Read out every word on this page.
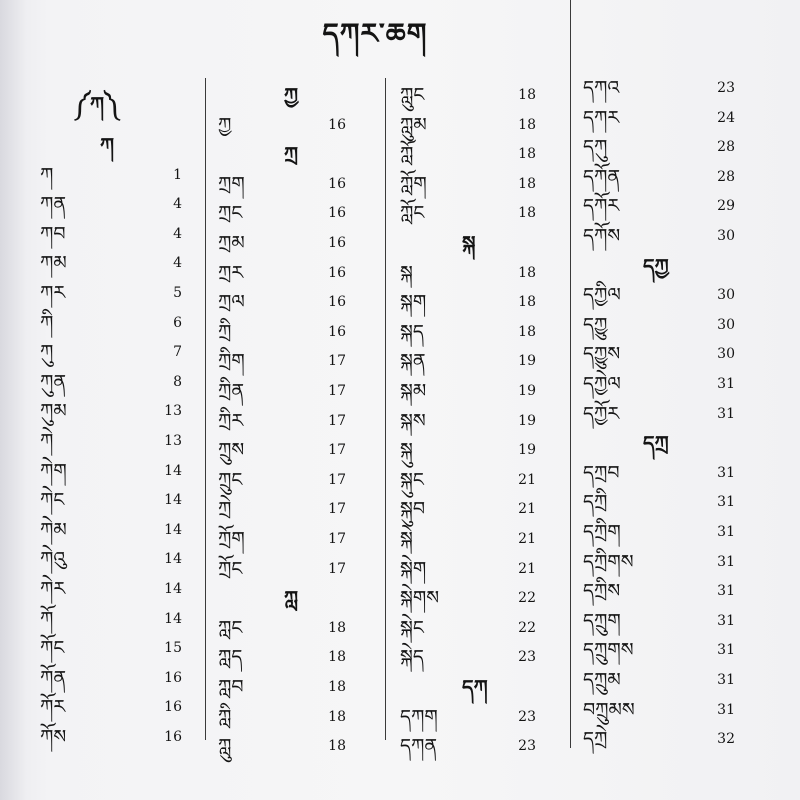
དཀར་ཆག
༼ཀ༽
ཀ
ཀ	1
ཀན	4
ཀབ	4
ཀམ	4
ཀར	5
ཀི	6
ཀུ	7
ཀུན	8
ཀུམ	13
ཀེ	13
ཀེག	14
ཀེང	14
ཀེམ	14
ཀེའུ	14
ཀེར	14
ཀོ	14
ཀོང	15
ཀོན	16
ཀོར	16
ཀོས	16
ཀྱ
ཀྱ	16
ཀྲ
ཀྲག	16
ཀྲང	16
ཀྲམ	16
ཀྲར	16
ཀྲལ	16
ཀྲི	16
ཀྲིག	17
ཀྲིན	17
ཀྲིར	17
ཀྲུས	17
ཀྲུང	17
ཀྲེ	17
ཀྲོག	17
ཀྲོང	17
ཀླ
ཀླང	18
ཀླད	18
ཀླབ	18
ཀླི	18
ཀླུ	18
ཀླུང	18
ཀླུམ	18
ཀློ	18
ཀློག	18
ཀློང	18
སྐ
སྐ	18
སྐག	18
སྐད	18
སྐན	19
སྐམ	19
སྐས	19
སྐུ	19
སྐུང	21
སྐུབ	21
སྐེ	21
སྐེག	21
སྐེགས	22
སྐེང	22
སྐེད	23
དཀ
དཀག	23
དཀན	23
དཀའ	23
དཀར	24
དཀུ	28
དཀོན	28
དཀོར	29
དཀོས	30
དཀྱ
དཀྱིལ	30
དཀྱུ	30
དཀྱུས	30
དཀྱེལ	31
དཀྱོར	31
དཀྲ
དཀྲབ	31
དཀྲི	31
དཀྲིག	31
དཀྲིགས	31
དཀྲིས	31
དཀྲུག	31
དཀྲུགས	31
དཀྲུམ	31
བཀྲུམས	31
དཀྲེ	32
